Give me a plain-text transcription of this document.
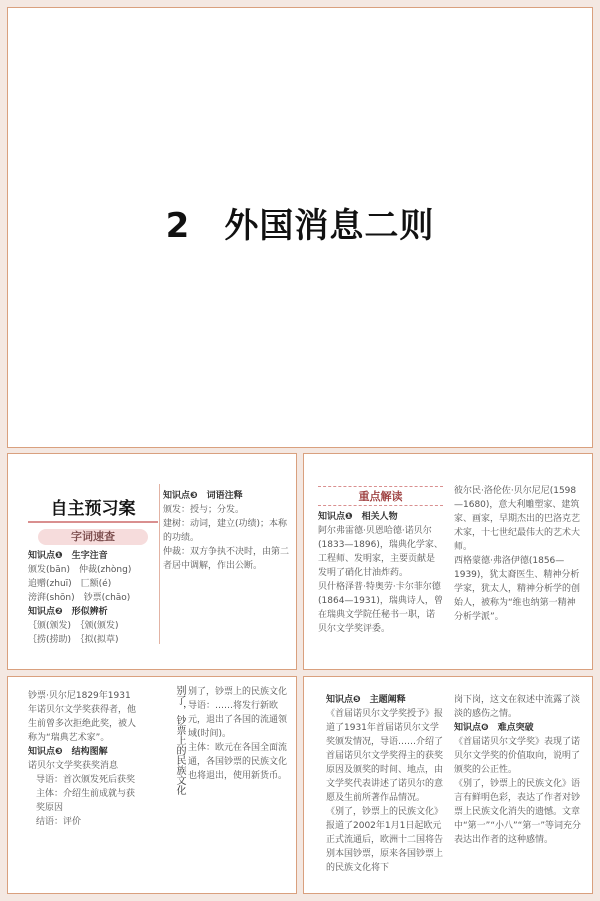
2 外国消息二则
自主预习案
字词速查
知识点❶　生字注音
颁发(bān)　仲裁(zhòng)
追赠(zhuī)　匚额(é)
滂湃(shōn)　钞票(chāo)
知识点❷　形似辨析
｛颁(颁发)　｛颁(颁发)
｛捞(捞助)　｛拟(拟草)
知识点❸　词语注释
颁发：授与；分发。
建树：动词，建立(功绩)；本称的功绩。
仲裁：双方争执不决时，由第二者居中调解，作出公断。
重点解读
知识点❶　相关人物
阿尔弗雷德·贝恩哈德·诺贝尔(1833—1896)，瑞典化学家、工程师、发明家，主要贡献是发明了硝化甘油炸药。
贝什格泽普·特奥劳·卡尔菲尔德(1864—1931)，瑞典诗人，曾在瑞典文学院任秘书一职，诺贝尔文学奖评委。
彼尔民·洛伦佐·贝尔尼尼(1598—1680)，意大利雕塑家、建筑家、画家，早期杰出的巴洛克艺术家，十七世纪最伟大的艺术大师。
西格蒙德·弗洛伊德(1856—1939)，犹太裔医生、精神分析学家，犹太人，精神分析学的创始人，被称为“维也纳第一精神分析学派”。
钞票·贝尔尼1829年1931年诺贝尔文学奖获得者，他生前曾多次拒绝此奖，被人称为“瑞典艺术家”。
知识点❸　结构图解
诺贝尔文学奖获奖消息
导语：首次颁发死后获奖
主体：介绍生前成就与获奖原因
结语：评价
别了，钞票上的民族文化 别了，钞票上的民族文化
导语：……将发行新欧元，退出了各国的流通领域(时间)。
主体：欧元在各国全面流通，各国钞票的民族文化也将退出，使用新货币。
知识点❺　主题阐释
《首届诺贝尔文学奖授予》报道了1931年首届诺贝尔文学奖颁发情况，导语……介绍了首届诺贝尔文学奖得主的获奖原因及颁奖的时间、地点，由文学奖代表讲述了诺贝尔的意愿及生前所著作品情况。
《别了，钞票上的民族文化》报道了2002年1月1日起欧元正式流通后，欧洲十二国将告别本国钞票，原来各国钞票上的民族文化将下
岗下岗，这文在叙述中流露了淡淡的感伤之情。
知识点❻　难点突破
《首届诺贝尔文学奖》表现了诺贝尔文学奖的价值取向，说明了颁奖的公正性。
《别了，钞票上的民族文化》语言有鲜明色彩，表达了作者对钞票上民族文化消失的遗憾。文章中“第一”“小八”“第一”等词充分表达出作者的这种感情。
